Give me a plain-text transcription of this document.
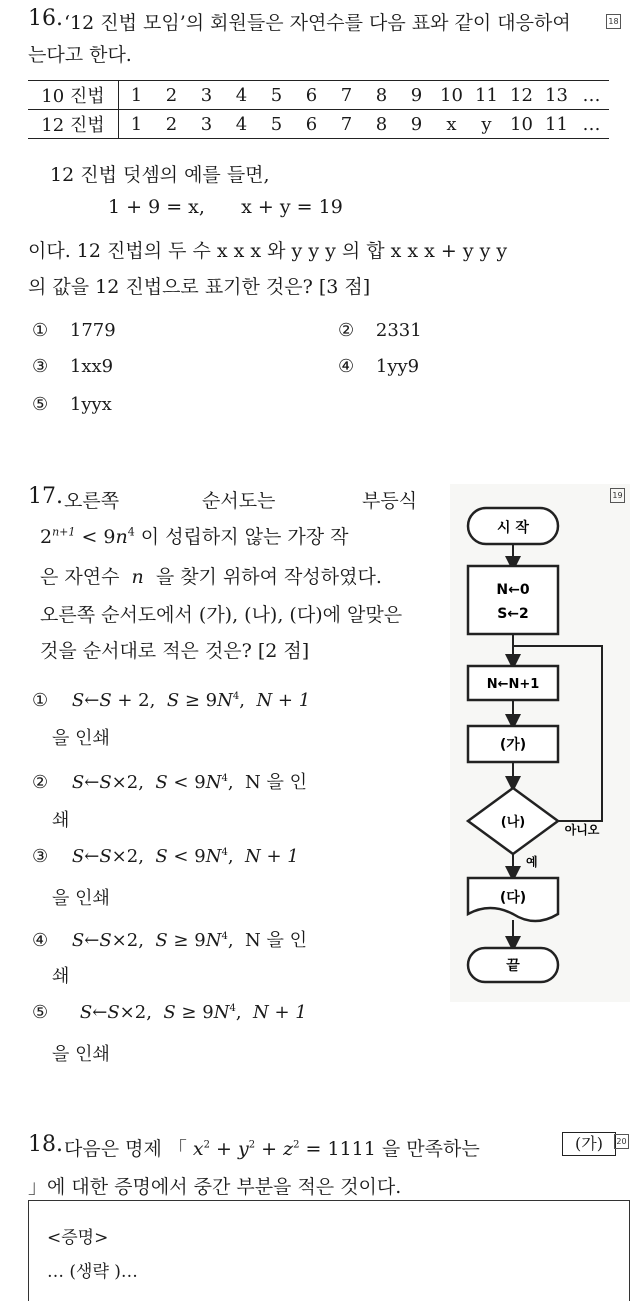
16. ‘12 진법 모임’의 회원들은 자연수를 다음 표와 같이 대응하여	18
는다고 한다.
10 진법	1	2	3	4	5	6	7	8	9	10	11	12	13	…
12 진법	1	2	3	4	5	6	7	8	9	x	y	10	11	…
12 진법 덧셈의 예를 들면,
1 + 9 = x,      x + y = 19
이다. 12 진법의 두 수 x x x 와 y y y 의 합 x x x + y y y
의 값을 12 진법으로 표기한 것은? [3 점]
① 1779	② 2331
③ 1xx9	④ 1yy9
⑤ 1yyx
17. 오른쪽	순서도는	부등식
$2^{n+1} < 9n^4$ 이 성립하지 않는 가장 작
은 자연수 n 을 찾기 위하여 작성하였다.
오른쪽 순서도에서 (가), (나), (다)에 알맞은
것을 순서대로 적은 것은? [2 점]
① S←S + 2,  $S \ge 9N^4$,  N + 1
을 인쇄
② S←S×2,  $S < 9N^4$,  N 을 인
쇄
③ S←S×2,  $S < 9N^4$,  N + 1
을 인쇄
④ S←S×2,  $S \ge 9N^4$,  N 을 인
쇄
⑤ S←S×2,  $S \ge 9N^4$,  N + 1
을 인쇄
19
시 작
N←0
S←2
N←N+1
(가)
(나)	아니오
예
(다)
끝
18. 다음은 명제 「 $x^2 + y^2 + z^2 = 1111$ 을 만족하는	(가)	20
」에 대한 증명에서 중간 부분을 적은 것이다.
<증명>
… (생략 )…
